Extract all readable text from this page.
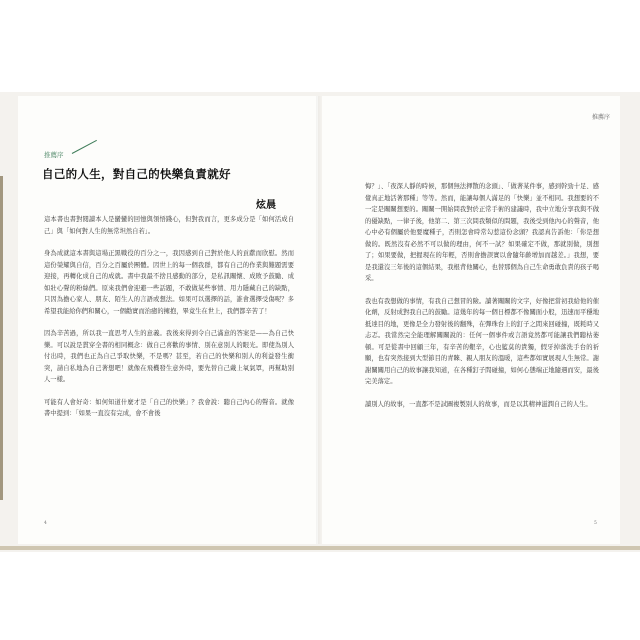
推薦序
推薦序
自己的人生，對自己的快樂負責就好
炫晨

這本書也書對閱讀本人是蠻蠻的回憶與領悟踐心，但對我而言，更多成分是「如何活成自己」與「如何對人生的無常坦然自若」。

身為成就這本書與這場正黑戰役的百分之一，我因感到自己對於他人的貢獻而欣慰。然而這份榮耀與自信，百分之百屬於團體。因世上的每一個我群，都有自己的作業與難題需要迎接，再轉化成自己的成就。書中我最不捨且感動的部分，是私訊關懷、成敗予鼓勵、成如壯心聲的粉絲們。原來我們會迎避一些話題，不敢做某些事情、用力隱藏自己的缺點，只因為擔心家人、朋友、陌生人的言語或想法。如果可以選擇的話，誰會選擇受傷呢？多希望我能給你們和關心，一個勸實而治癒的擁抱，畢竟生在世上，我們都辛苦了！

因為辛苦過，所以我一直思考人生的意義。我後來得到令自己滿意的答案是——為自己快樂。可以說是貫穿全書的相同概念：做自己喜歡的事情、別在意別人的眼光。即使為別人付出時，我們也正為自己爭取快樂，不是嗎？甚至，若自己的快樂和別人的利益發生衝突，請自私地為自己著想吧！就像在飛機發生意外時，要先替自己戴上氧氣罩，再幫助別人一樣。

可能有人會好奇：如何知道什麼才是「自己的快樂」？我會說：聽自己內心的聲音。就像書中提到：「如果一直沒有完成，會不會後

悔？」、「夜深人靜的時候，那個無法揮散的念頭」、「做著某件事，感到幹勁十足、感覺真正地活著那種」等等。然而，能讓每個人滿足的「快樂」並不相同。我想要的不一定是關關想要的。關關一開始問我對於正常手術的建議時，我中立地分享我與不做的優缺點，一律子後，他第二、第三次問我類似的問題，我後受到他內心的聲音，他心中必有個屬於他要魔種子，否則怎會時常勾惹這份念頭？我認真告訴他：「你是想做的。既然沒有必然不可以做的理由，何不一試？如果確定不做，那就別做，別想了；如果要做，把握現在的年輕，否則會擔誤實以會隨年齡增加而越差。」我想，要是我還沒三年後的這個結果，我根背他關心，也替那個為自己生命勇敢負責的孩子喝采。

我也有我想做的事情，有我自己想冒的險。讀著關關的文字，好像把當初我給他的催化劑，反射成對我自己的鼓勵。這幾年的每一個日標都不像關面小般，迅速而平穩地抵達目的地，更像是全力發射後的翻殊，在彈珠台上的釘子之間來回碰撞，既耗時又忐忑。我當然完全能理解關關說的：任何一個事件或言語竟然都可能讓我們聽枯萎頓。可是從書中回顧三年，有辛苦的艱辛，心也籃莫的貴獨，假牙掉落洗手台的祈願，也有突然接到大型節目的青睞、親人朋友的溫暖，這些都如實展現人生無常。謝謝關關用自己的故事讓我知道，在各種釘子間碰撞，如何心態端正地隨遇而安，最後完美落定。

讀別人的故事，一直都不是試圖複製別人的故事，而是以其精神滋潤自己的人生。

4	5
